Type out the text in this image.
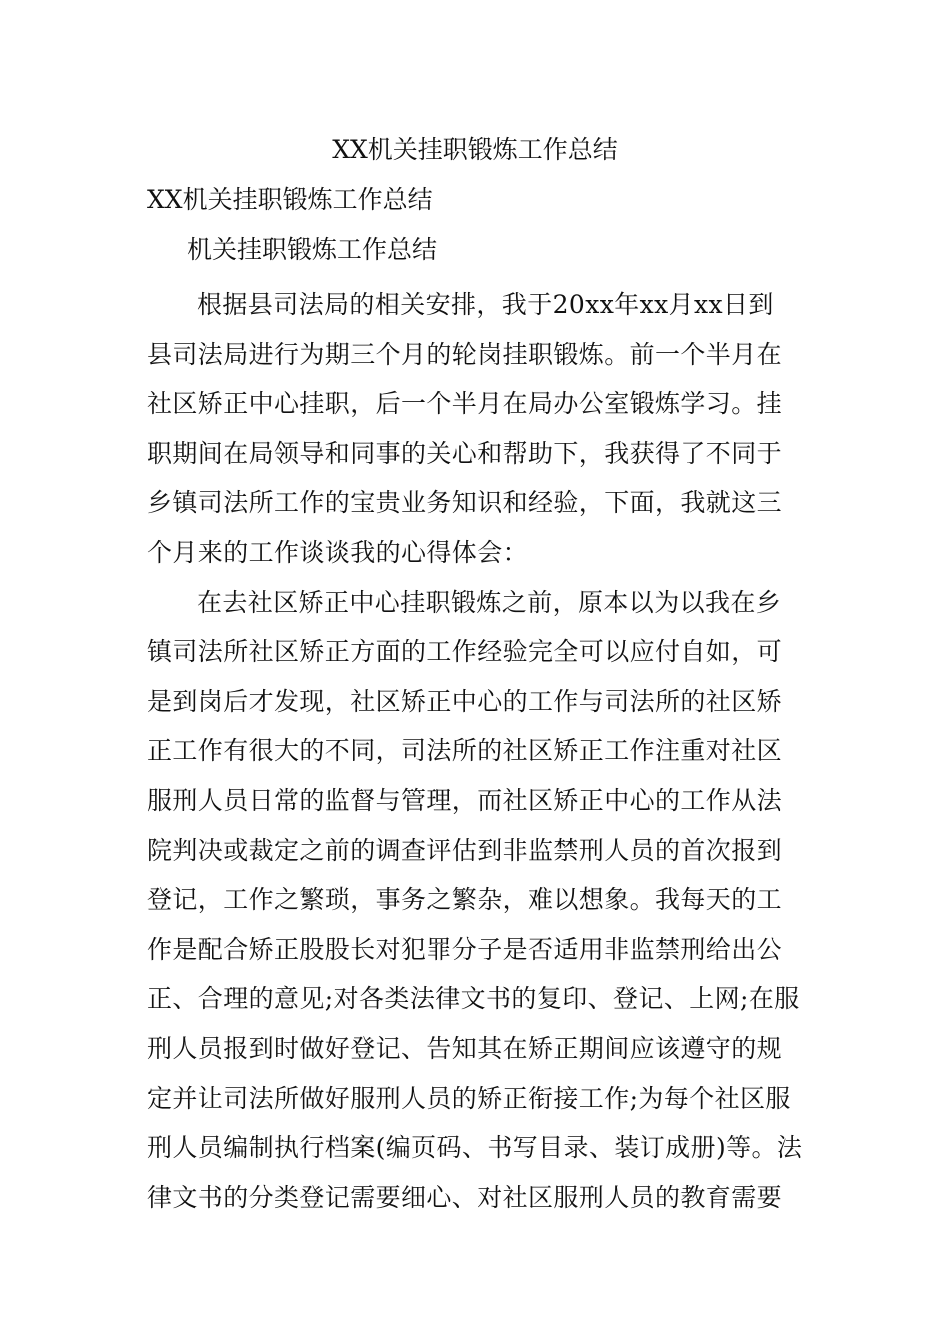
XX机关挂职锻炼工作总结

XX机关挂职锻炼工作总结

机关挂职锻炼工作总结

根据县司法局的相关安排，我于20xx年xx月xx日到
县司法局进行为期三个月的轮岗挂职锻炼。前一个半月在
社区矫正中心挂职，后一个半月在局办公室锻炼学习。挂
职期间在局领导和同事的关心和帮助下，我获得了不同于
乡镇司法所工作的宝贵业务知识和经验，下面，我就这三
个月来的工作谈谈我的心得体会：
在去社区矫正中心挂职锻炼之前，原本以为以我在乡
镇司法所社区矫正方面的工作经验完全可以应付自如，可
是到岗后才发现，社区矫正中心的工作与司法所的社区矫
正工作有很大的不同，司法所的社区矫正工作注重对社区
服刑人员日常的监督与管理，而社区矫正中心的工作从法
院判决或裁定之前的调查评估到非监禁刑人员的首次报到
登记，工作之繁琐，事务之繁杂，难以想象。我每天的工
作是配合矫正股股长对犯罪分子是否适用非监禁刑给出公
正、合理的意见;对各类法律文书的复印、登记、上网;在服
刑人员报到时做好登记、告知其在矫正期间应该遵守的规
定并让司法所做好服刑人员的矫正衔接工作;为每个社区服
刑人员编制执行档案(编页码、书写目录、装订成册)等。法
律文书的分类登记需要细心、对社区服刑人员的教育需要
